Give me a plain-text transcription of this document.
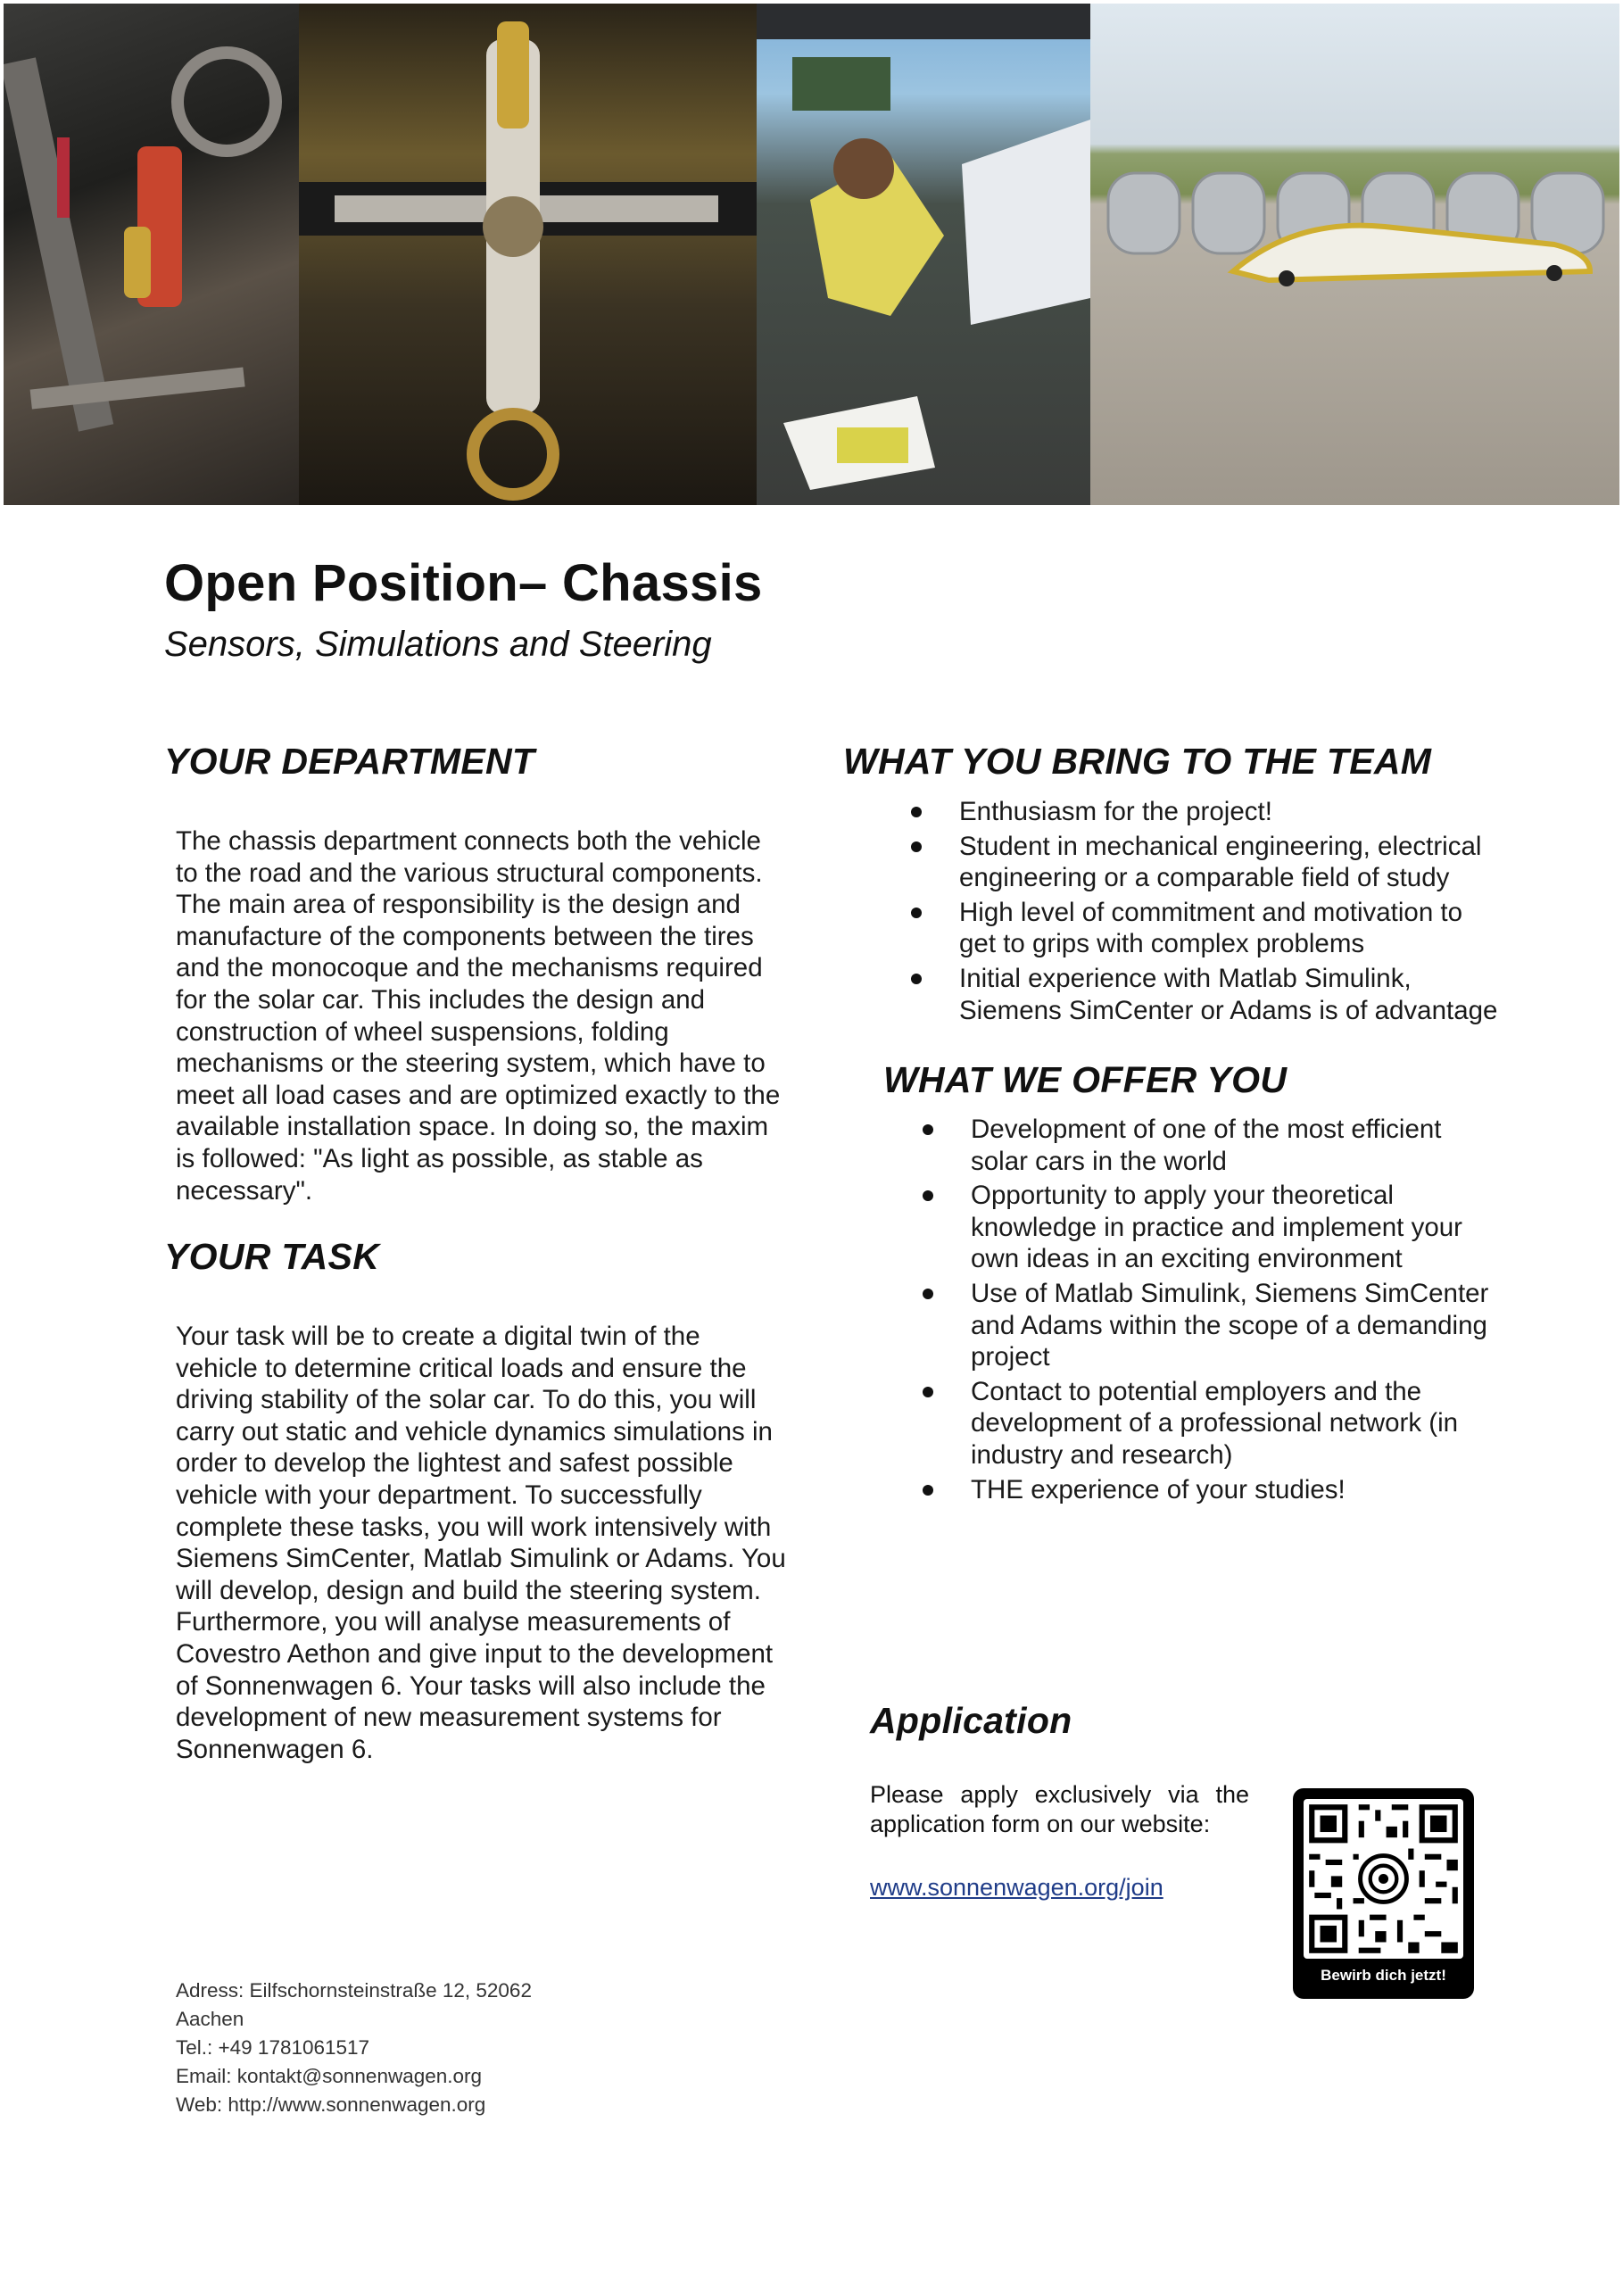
Open Position– Chassis
Sensors, Simulations and Steering
YOUR DEPARTMENT
The chassis department connects both the vehicle
to the road and the various structural components.
The main area of responsibility is the design and
manufacture of the components between the tires
and the monocoque and the mechanisms required
for the solar car. This includes the design and
construction of wheel suspensions, folding
mechanisms or the steering system, which have to
meet all load cases and are optimized exactly to the
available installation space. In doing so, the maxim
is followed: "As light as possible, as stable as
necessary".
YOUR TASK
Your task will be to create a digital twin of the
vehicle to determine critical loads and ensure the
driving stability of the solar car. To do this, you will
carry out static and vehicle dynamics simulations in
order to develop the lightest and safest possible
vehicle with your department. To successfully
complete these tasks, you will work intensively with
Siemens SimCenter, Matlab Simulink or Adams. You
will develop, design and build the steering system.
Furthermore, you will analyse measurements of
Covestro Aethon and give input to the development
of Sonnenwagen 6. Your tasks will also include the
development of new measurement systems for
Sonnenwagen 6.
WHAT YOU BRING TO THE TEAM
Enthusiasm for the project!
Student in mechanical engineering, electrical
engineering or a comparable field of study
High level of commitment and motivation to
get to grips with complex problems
Initial experience with Matlab Simulink,
Siemens SimCenter or Adams is of advantage
WHAT WE OFFER YOU
Development of one of the most efficient
solar cars in the world
Opportunity to apply your theoretical
knowledge in practice and implement your
own ideas in an exciting environment
Use of Matlab Simulink, Siemens SimCenter
and Adams within the scope of a demanding
project
Contact to potential employers and the
development of a professional network (in
industry and research)
THE experience of your studies!
Application
Please apply exclusively via the application form on our website:
www.sonnenwagen.org/join
Bewirb dich jetzt!
Adress: Eilfschornsteinstraße 12, 52062
Aachen
Tel.: +49 1781061517
Email: kontakt@sonnenwagen.org
Web: http://www.sonnenwagen.org
